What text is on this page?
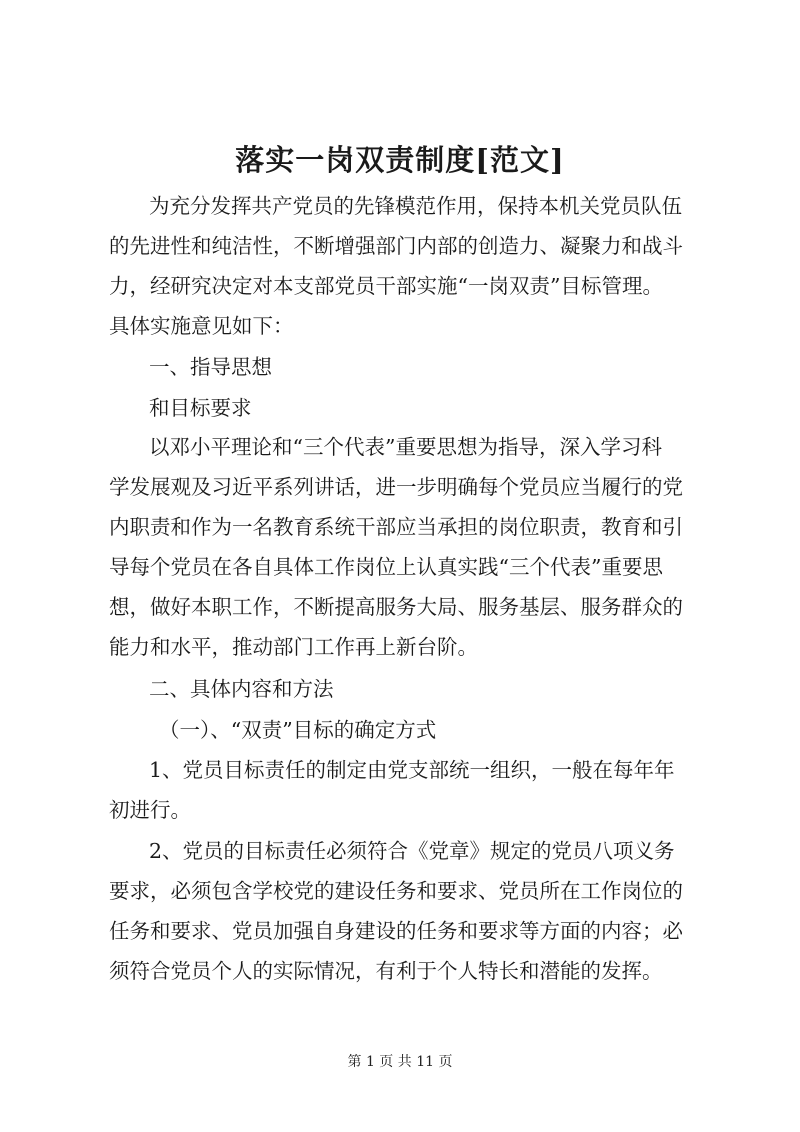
落实一岗双责制度[范文]
为充分发挥共产党员的先锋模范作用，保持本机关党员队伍
的先进性和纯洁性，不断增强部门内部的创造力、凝聚力和战斗
力，经研究决定对本支部党员干部实施“一岗双责”目标管理。
具体实施意见如下：
一、指导思想
和目标要求
以邓小平理论和“三个代表”重要思想为指导，深入学习科
学发展观及习近平系列讲话，进一步明确每个党员应当履行的党
内职责和作为一名教育系统干部应当承担的岗位职责，教育和引
导每个党员在各自具体工作岗位上认真实践“三个代表”重要思
想，做好本职工作，不断提高服务大局、服务基层、服务群众的
能力和水平，推动部门工作再上新台阶。
二、具体内容和方法
（一）、“双责”目标的确定方式
1、党员目标责任的制定由党支部统一组织，一般在每年年
初进行。
2、党员的目标责任必须符合《党章》规定的党员八项义务
要求，必须包含学校党的建设任务和要求、党员所在工作岗位的
任务和要求、党员加强自身建设的任务和要求等方面的内容；必
须符合党员个人的实际情况，有利于个人特长和潜能的发挥。
第 1 页 共 11 页
